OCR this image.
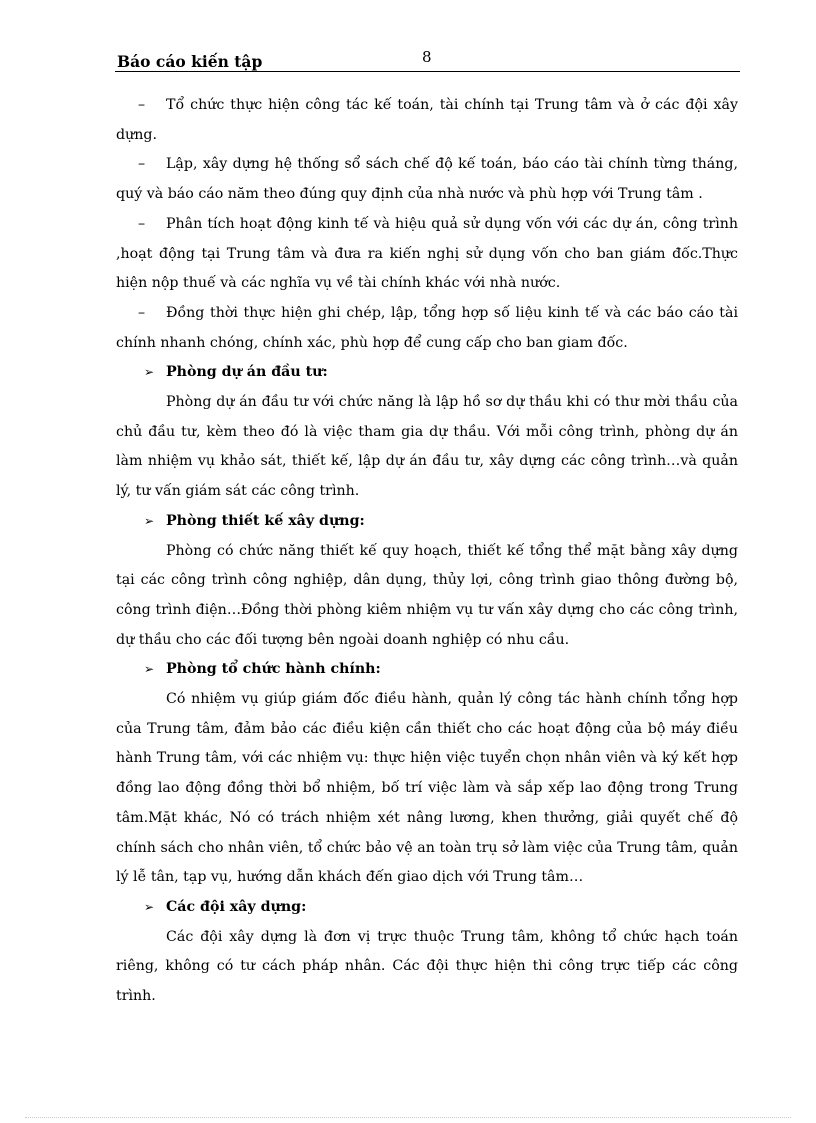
Báo cáo kiến tập	8

– Tổ chức thực hiện công tác kế toán, tài chính tại Trung tâm và ở các đội xây dựng.

– Lập, xây dựng hệ thống sổ sách chế độ kế toán, báo cáo tài chính từng tháng, quý và báo cáo năm theo đúng quy định của nhà nước và phù hợp với Trung tâm .

– Phân tích hoạt động kinh tế và hiệu quả sử dụng vốn với các dự án, công trình ,hoạt động tại Trung tâm và đưa ra kiến nghị sử dụng vốn cho ban giám đốc.Thực hiện nộp thuế và các nghĩa vụ về tài chính khác với nhà nước.

– Đồng thời thực hiện ghi chép, lập, tổng hợp số liệu kinh tế và các báo cáo tài chính nhanh chóng, chính xác, phù hợp để cung cấp cho ban giam đốc.

➢ Phòng dự án đầu tư:

Phòng dự án đầu tư với chức năng là lập hồ sơ dự thầu khi có thư mời thầu của chủ đầu tư, kèm theo đó là việc tham gia dự thầu. Với mỗi công trình, phòng dự án làm nhiệm vụ khảo sát, thiết kế, lập dự án đầu tư, xây dựng các công trình…và quản lý, tư vấn giám sát các công trình.

➢ Phòng thiết kế xây dựng:

Phòng có chức năng thiết kế quy hoạch, thiết kế tổng thể mặt bằng xây dựng tại các công trình công nghiệp, dân dụng, thủy lợi, công trình giao thông đường bộ, công trình điện…Đồng thời phòng kiêm nhiệm vụ tư vấn xây dựng cho các công trình, dự thầu cho các đối tượng bên ngoài doanh nghiệp có nhu cầu.

➢ Phòng tổ chức hành chính:

Có nhiệm vụ giúp giám đốc điều hành, quản lý công tác hành chính tổng hợp của Trung tâm, đảm bảo các điều kiện cần thiết cho các hoạt động của bộ máy điều hành Trung tâm, với các nhiệm vụ: thực hiện việc tuyển chọn nhân viên và ký kết hợp đồng lao động đồng thời bổ nhiệm, bố trí việc làm và sắp xếp lao động trong Trung tâm.Mặt khác, Nó có trách nhiệm xét nâng lương, khen thưởng, giải quyết chế độ chính sách cho nhân viên, tổ chức bảo vệ an toàn trụ sở làm việc của Trung tâm, quản lý lễ tân, tạp vụ, hướng dẫn khách đến giao dịch với Trung tâm…

➢ Các đội xây dựng:

Các đội xây dựng là đơn vị trực thuộc Trung tâm, không tổ chức hạch toán riêng, không có tư cách pháp nhân. Các đội thực hiện thi công trực tiếp các công trình.
